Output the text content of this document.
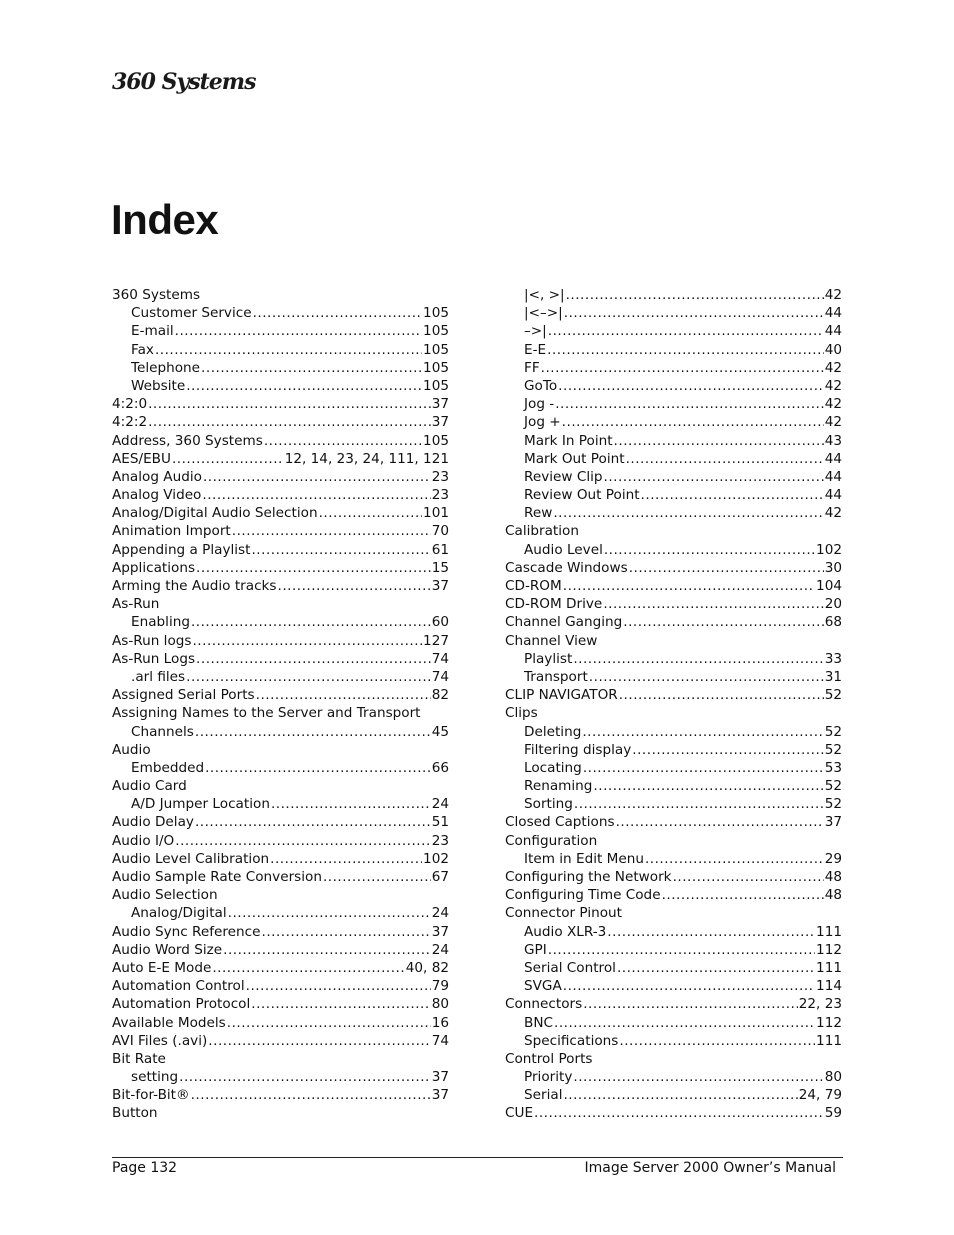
360 Systems
Index
360 Systems
Customer Service .....	105
E-mail .....	105
Fax .....	105
Telephone .....	105
Website .....	105
4:2:0 .....	37
4:2:2 .....	37
Address, 360 Systems .....	105
AES/EBU .....	12, 14, 23, 24, 111, 121
Analog Audio .....	23
Analog Video .....	23
Analog/Digital Audio Selection .....	101
Animation Import .....	70
Appending a Playlist .....	61
Applications .....	15
Arming the Audio tracks .....	37
As-Run
Enabling .....	60
As-Run logs .....	127
As-Run Logs .....	74
.arl files .....	74
Assigned Serial Ports .....	82
Assigning Names to the Server and Transport
Channels .....	45
Audio
Embedded .....	66
Audio Card
A/D Jumper Location .....	24
Audio Delay .....	51
Audio I/O .....	23
Audio Level Calibration .....	102
Audio Sample Rate Conversion .....	67
Audio Selection
Analog/Digital .....	24
Audio Sync Reference .....	37
Audio Word Size .....	24
Auto E-E Mode .....	40, 82
Automation Control .....	79
Automation Protocol .....	80
Available Models .....	16
AVI Files (.avi) .....	74
Bit Rate
setting .....	37
Bit-for-Bit® .....	37
Button
|<, >| .....	42
|<–>| .....	44
–>| .....	44
E-E .....	40
FF .....	42
GoTo .....	42
Jog - .....	42
Jog + .....	42
Mark In Point .....	43
Mark Out Point .....	44
Review Clip .....	44
Review Out Point .....	44
Rew .....	42
Calibration
Audio Level .....	102
Cascade Windows .....	30
CD-ROM .....	104
CD-ROM Drive .....	20
Channel Ganging .....	68
Channel View
Playlist .....	33
Transport .....	31
CLIP NAVIGATOR .....	52
Clips
Deleting .....	52
Filtering display .....	52
Locating .....	53
Renaming .....	52
Sorting .....	52
Closed Captions .....	37
Configuration
Item in Edit Menu .....	29
Configuring the Network .....	48
Configuring Time Code .....	48
Connector Pinout
Audio XLR-3 .....	111
GPI .....	112
Serial Control .....	111
SVGA .....	114
Connectors .....	22, 23
BNC .....	112
Specifications .....	111
Control Ports
Priority .....	80
Serial .....	24, 79
CUE .....	59
Page 132	Image Server 2000 Owner’s Manual
